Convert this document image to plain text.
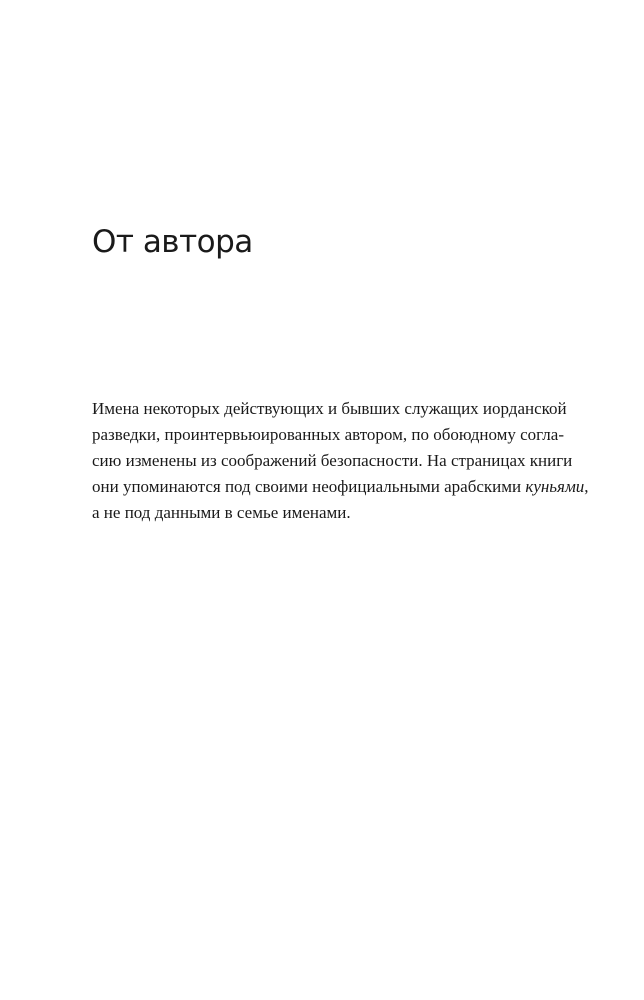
От автора
Имена некоторых действующих и бывших служащих иорданской
разведки, проинтервьюированных автором, по обоюдному согла-
сию изменены из соображений безопасности. На страницах книги
они упоминаются под своими неофициальными арабскими куньями,
а не под данными в семье именами.
